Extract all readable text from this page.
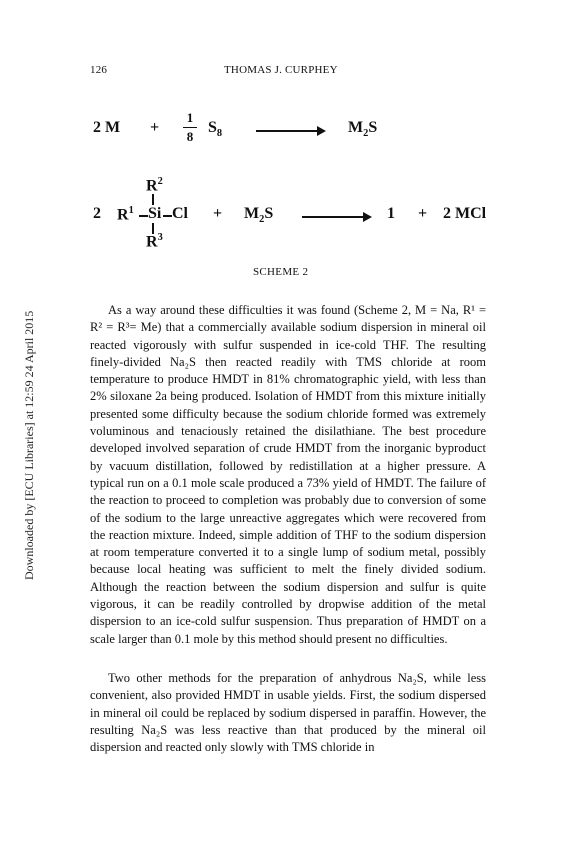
126	THOMAS J. CURPHEY
Downloaded by [ECU Libraries] at 12:59 24 April 2015
2 M +
1
8
$S_8$	$M_2S$
2 $R^1$ Si Cl
$R^2$
$R^3$
+ $M_2S$	1 + 2 MCl
SCHEME 2

As a way around these difficulties it was found (Scheme 2, M = Na, R¹ = R² = R³= Me) that a commercially available sodium dispersion in mineral oil reacted vigorously with sulfur suspended in ice-cold THF. The resulting finely-divided Na₂S then reacted readily with TMS chloride at room temperature to produce HMDT in 81% chromatographic yield, with less than 2% siloxane 2a being produced. Isolation of HMDT from this mixture initially presented some difficulty because the sodium chloride formed was extremely voluminous and tenaciously retained the disilathiane. The best procedure developed involved separation of crude HMDT from the inorganic byproduct by vacuum distillation, followed by redistillation at a higher pressure. A typical run on a 0.1 mole scale produced a 73% yield of HMDT. The failure of the reaction to proceed to completion was probably due to conversion of some of the sodium to the large unreactive aggregates which were recovered from the reaction mixture. Indeed, simple addition of THF to the sodium dispersion at room temperature converted it to a single lump of sodium metal, possibly because local heating was sufficient to melt the finely divided sodium. Although the reaction between the sodium dispersion and sulfur is quite vigorous, it can be readily controlled by dropwise addition of the metal dispersion to an ice-cold sulfur suspension. Thus preparation of HMDT on a scale larger than 0.1 mole by this method should present no difficulties.

Two other methods for the preparation of anhydrous Na₂S, while less convenient, also provided HMDT in usable yields. First, the sodium dispersed in mineral oil could be replaced by sodium dispersed in paraffin. However, the resulting Na₂S was less reactive than that produced by the mineral oil dispersion and reacted only slowly with TMS chloride in
